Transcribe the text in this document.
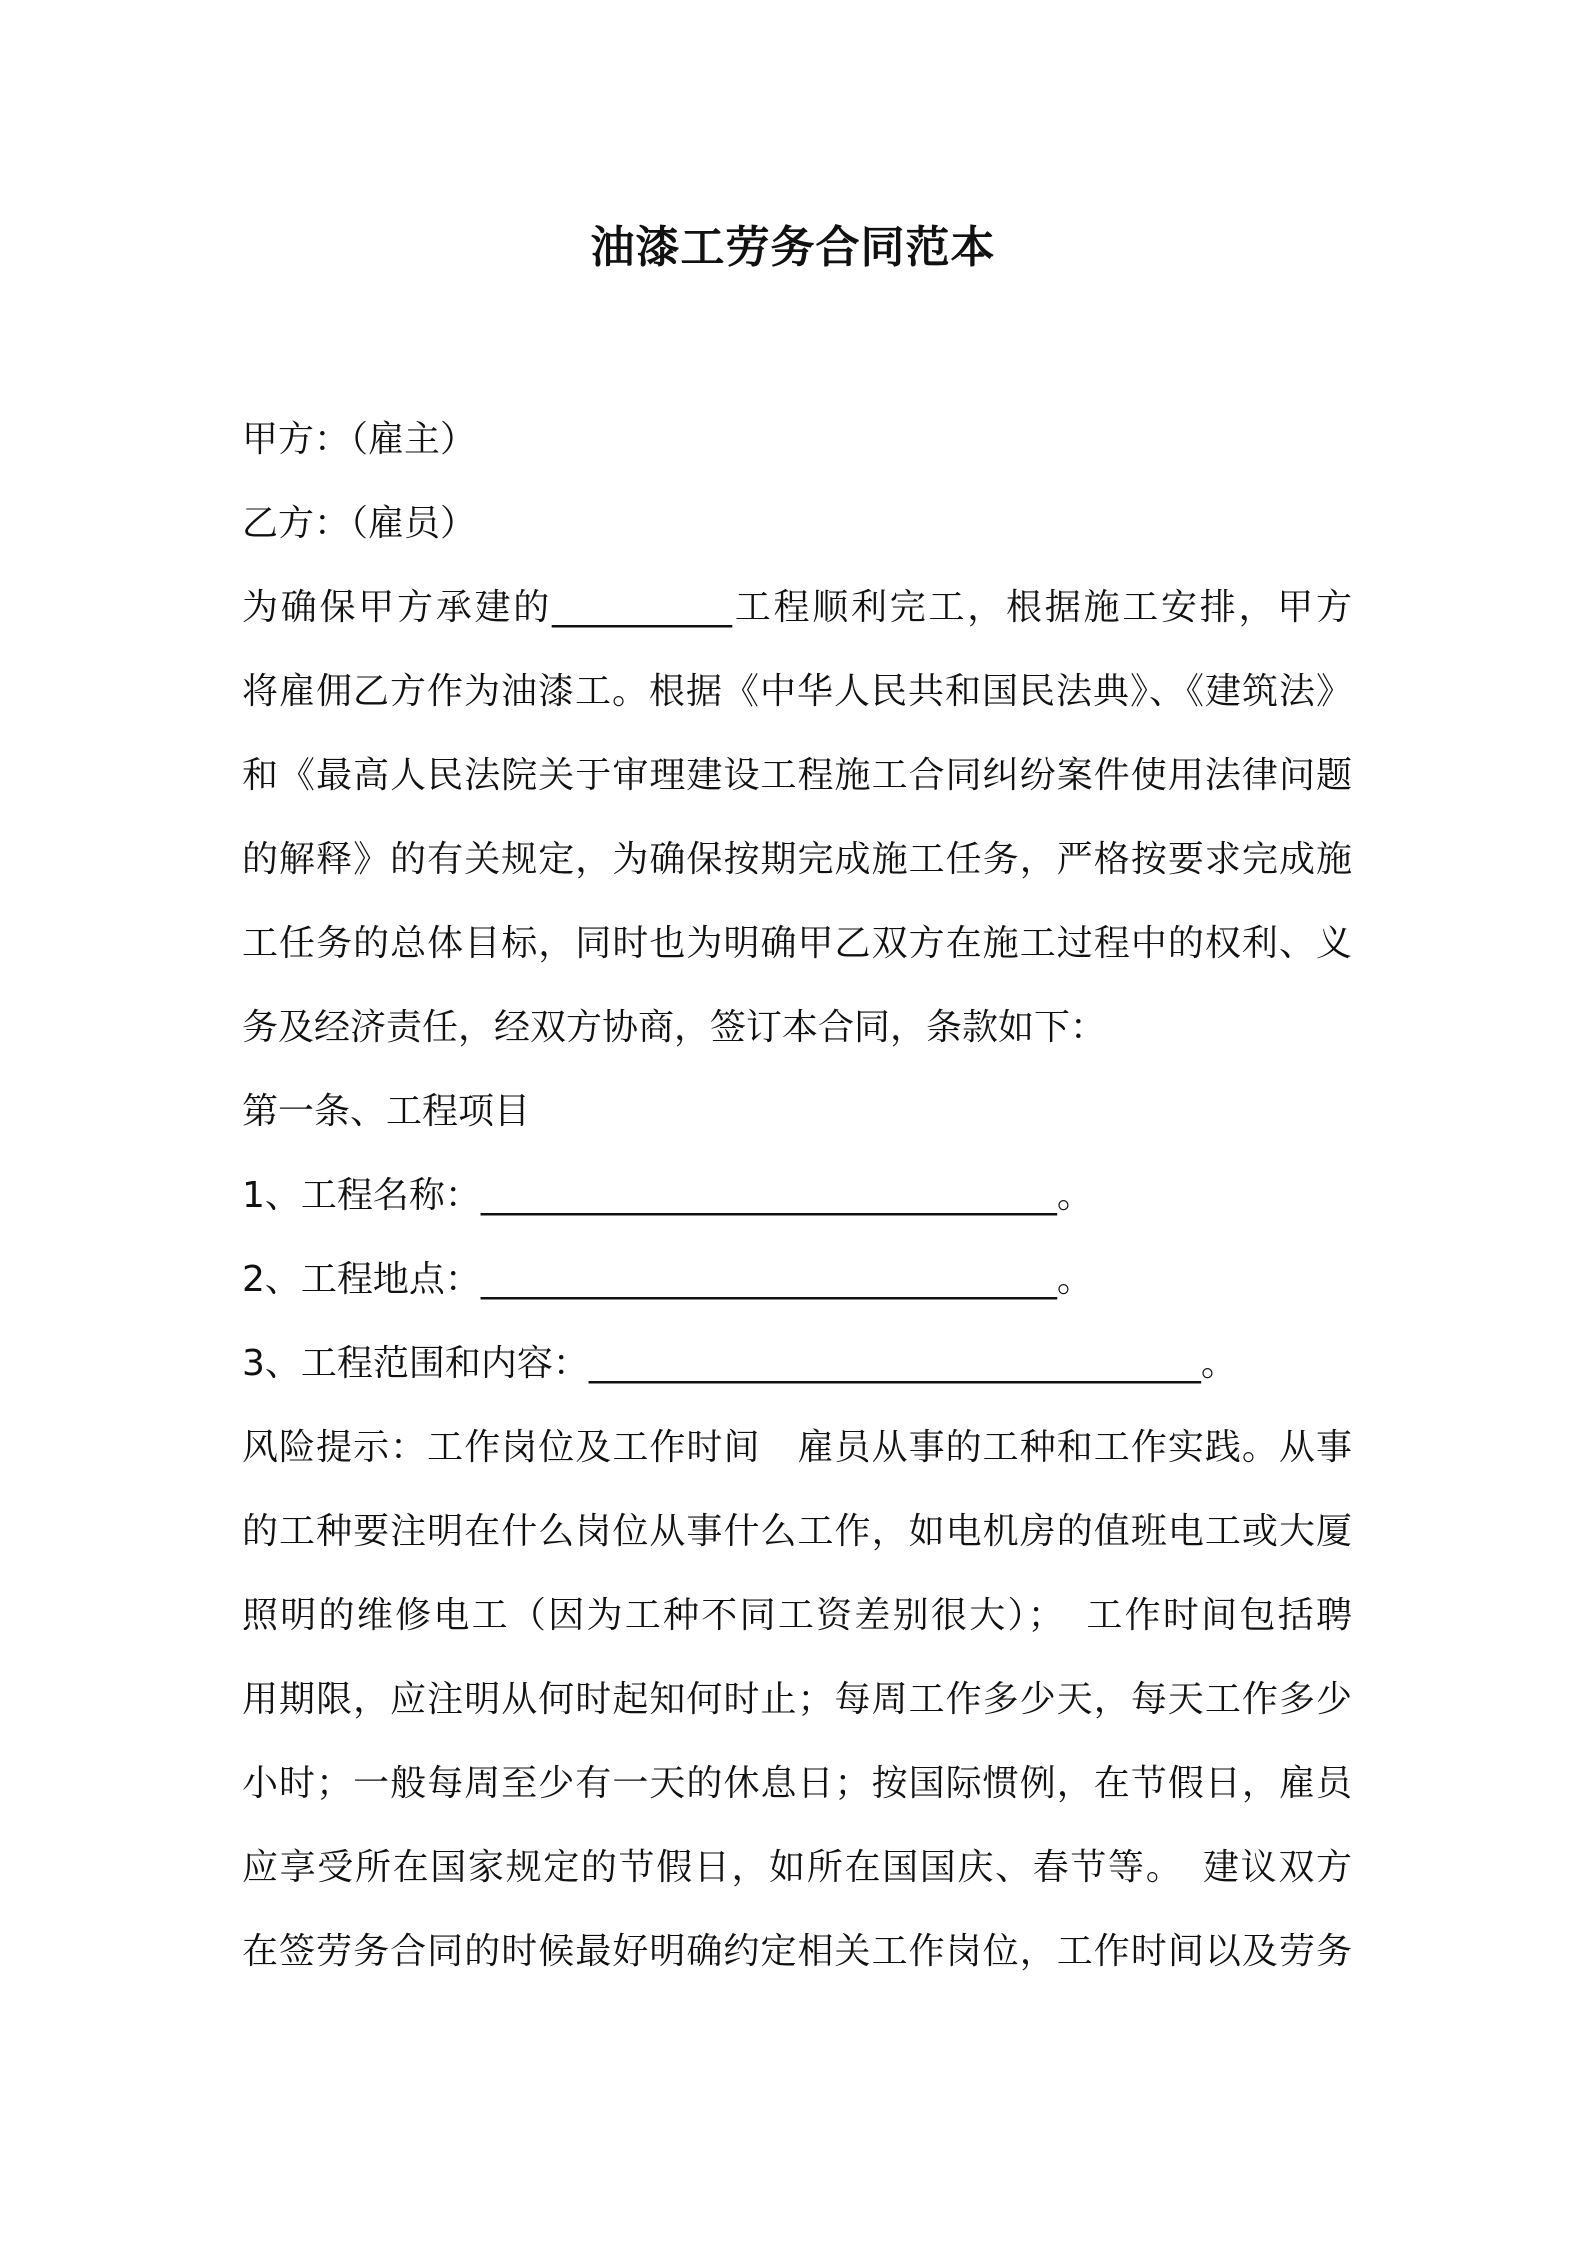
油漆工劳务合同范本
甲方：（雇主）
乙方：（雇员）
为确保甲方承建的__________工程顺利完工，根据施工安排，甲方
将雇佣乙方作为油漆工。根据《中华人民共和国民法典》、《建筑法》
和《最高人民法院关于审理建设工程施工合同纠纷案件使用法律问题
的解释》的有关规定，为确保按期完成施工任务，严格按要求完成施
工任务的总体目标，同时也为明确甲乙双方在施工过程中的权利、义
务及经济责任，经双方协商，签订本合同，条款如下：
第一条、工程项目
1、工程名称：________________________________。
2、工程地点：________________________________。
3、工程范围和内容：__________________________________。
风险提示：工作岗位及工作时间　雇员从事的工种和工作实践。从事
的工种要注明在什么岗位从事什么工作，如电机房的值班电工或大厦
照明的维修电工（因为工种不同工资差别很大）；　工作时间包括聘
用期限，应注明从何时起知何时止；每周工作多少天，每天工作多少
小时；一般每周至少有一天的休息日；按国际惯例，在节假日，雇员
应享受所在国家规定的节假日，如所在国国庆、春节等。　建议双方
在签劳务合同的时候最好明确约定相关工作岗位，工作时间以及劳务
